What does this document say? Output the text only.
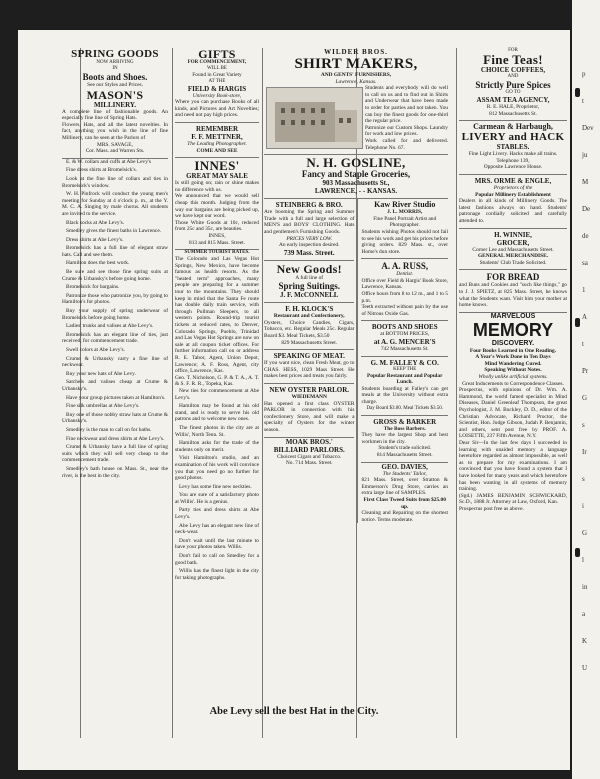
p
t
Dev
ju
M
De
de
sa
1
A
t
Pr
G
s
Ir
s
i
G
l
in
a
K
U
SPRING GOODS
NOW ARRIVING
IN
Boots and Shoes.
See our Styles and Prices.
MASON'S
MILLINERY.

A complete line of fashionable goods. An especially fine line of Spring Hats.

Flowers, Hats, and all the latest novelties. In fact, anything you wish in the line of fine Millinery, can be seen at the Parlors of

MRS. SAVAGE,
Cor. Mass. and Warren Sts.

E. & W. collars and cuffs at Abe Levy's

Fine dress shirts at Bromelsick's.

Look at the fine line of collars and ties in Bromelsick's window.

W. H. Pinfrock will conduct the young men's meeting for Sunday at 4 o'clock p. m., at the Y. M. C. A. Singing by male chorus. All students are invited to the service.

Black socks at Abe Levy's.

Smedley gives the finest baths in Lawrence.

Dress shirts at Abe Levy's.

Bromelsick has a full line of elegant straw hats. Call and see them.

Hamilton does the best work.

Be sure and see those fine spring suits at Crume & Urbansky's before going home.

Bromelsick for bargains.

Patronize those who patronize you, by going to Hamilton's for photos.

Buy your supply of spring underwear of Bromelsick before going home.

Ladies' trunks and valises at Abe Levy's.

Bromelsick has an elegant line of ties, just received, for commencement trade.

Swell colors at Abe Levy's.

Crume & Urbansky carry a fine line of neckwear.

Buy your new hats of Abe Levy.

Satchels and valises cheap at Crume & Urbansky's.

Have your group pictures taken at Hamilton's.

Fine silk umbrellas at Abe Levy's.

Buy one of those nobby straw hats at Crume & Urbansky's.

Smedley is the man to call on for baths.

Fine neckwear and dress shirts at Abe Levy's.

Crume & Urbansky have a full line of spring suits which they will sell very cheap to the commencement trade.

Smedley's bath house on Mass. St., near the river, is the best in the city.

GIFTS
FOR COMMENCEMENT,
WILL BE
Found in Great Variety
AT THE
FIELD & HARGIS
University Book-store,

Where you can purchase Books of all kinds, and Pictures and Art Novelties; and need not pay high prices.

REMEMBER
F. F. METTNER,
The Leading Photographer.
COME AND SEE
INNES'
GREAT MAY SALE

Is still going on; rain or shine makes no difference with us.

We announced that we would sell cheap this month. Judging from the way our bargains are being picked up, we have kept our word.

Those White Goods at 10c, reduced from 25c and 35c, are beauties.

INNES,
813 and 815 Mass. Street.
SUMMER TOURIST RATES.

The Colorado and Las Vegas Hot Springs, New Mexico, have become famous as health resorts. As the "heated term" approaches, many people are preparing for a summer tour to the mountains. They should keep in mind that the Santa Fe route has double daily train service, with through Pullman Sleepers, to all western points. Round-trip tourist tickets at reduced rates, to Denver, Colorado Springs, Pueblo, Trinidad and Las Vegas Hot Springs are now on sale at all coupon ticket offices. For further information call on or address R. E. Tabor, Agent, Union Depot, Lawrence; A. F. Ross, Agent, city office, Lawrence, Kas.

Geo. T. Nicholson, G. P. & T. A., A. T. & S. F. R. R., Topeka, Kas.

New ties for commencement at Abe Levy's.

Hamilton may be found at his old stand, and is ready to serve his old patrons and to welcome new ones.

The finest photos in the city are at Willis', North Tenn. St.

Hamilton asks for the trade of the students only on merit.

Visit Hamilton's studio, and an examination of his work will convince you that you need go no further for good photos.

Levy has some fine new neckties.

You are sure of a satisfactory photo at Willis'. He is a genius.

Party ties and dress shirts at Abe Levy's.

Abe Levy has an elegant new line of neck-wear.

Don't wait until the last minute to have your photos taken. Willis.

Don't fail to call on Smedley for a good bath.

Willis has the finest light in the city for taking photographs.

WILDER BROS.
SHIRT MAKERS,
AND GENTS' FURNISHERS,
Lawrence, Kansas.

Students and everybody will do well to call on us and to find out in Shirts and Underwear that have been made to order for parties and not taken. You can buy the finest goods for one-third the regular price.

Patronize our Custom Shops. Laundry for work and low prices.

Work called for and delivered. Telephone No. 67.

N. H. GOSLINE,
Fancy and Staple Groceries,
903 Massachusetts St.,
LAWRENCE, - - KANSAS.
STEINBERG & BRO.

Are booming the Spring and Summer Trade with a full and large selection of MEN'S and BOYS' CLOTHING. Hats and gentlemen's Furnishing Goods.

PRICES VERY LOW.
An early inspection desired.
739 Mass. Street.
New Goods!
A full line of
Spring Suitings.
J. F. McCONNELL
F. H. KLOCK'S
Restaurant and Confectionery,

Oysters, Choice Candies, Cigars, Tobacco, etc. Regular Meals 25c. Regular Board $3. Meal Tickets, $3.50

829 Massachusetts Street.
SPEAKING OF MEAT.

If you want nice, clean Fresh Meat, go to CHAS. HESS, 1029 Mass Street. He makes best prices and treats you fairly.

NEW OYSTER PARLOR.
WIEDEMANN

Has opened a first class OYSTER PARLOR in connection with his confectionery Store, and will make a specialty of Oysters for the winter season.

MOAK BROS.'
BILLIARD PARLORS.
Choicest Cigars and Tobacco.
No. 714 Mass. Street.
Kaw River Studio
J. L. MORRIS,
Fine Panel Portrait Artist and Photographer.

Students wishing Photos should not fail to see his work and get his prices before giving orders. 829 Mass. st., over Home's dun store.

A. A. RUSS,
Dentist.

Office over Field & Hargis' Book Store, Lawrence, Kansas.

Office hours from 8 to 12 m., and 1 to 5 p.m.

Teeth extracted without pain by the use of Nitrous Oxide Gas.

BOOTS AND SHOES
at BOTTOM PRICES,
at A. G. MENCER'S
742 Massachusetts St.
G. M. FALLEY & CO.
KEEP THE
Popular Restaurant and Popular Lunch.

Students boarding at Falley's can get meals at the University without extra charge.

Day Board $3.00. Meal Tickets $3.50.
GROSS & BARKER
The Boss Barbers.

They have the largest Shop and best workmen in the city.

Student's trade solicited.
814 Massachusetts Street.
GEO. DAVIES,
The Students' Tailor,

821 Mass. Street, over Stratton & Emmerson's Drug Store, carries an extra large line of SAMPLES.

First Class Tweed Suits from $25.00 up.

Cleaning and Repairing on the shortest notice. Terms moderate.

FOR
Fine Teas!
CHOICE COFFEES,
AND
Strictly Pure Spices
GO TO
ASSAM TEA AGENCY,
R. E. HALE, Proprietor,
812 Massachusetts St.
Carmean & Harbaugh,
LIVERY and HACK
STABLES.

Fine Light Livery. Hacks make all trains.

Telephone 139,
Opposite Lawrence House.
MRS. ORME & ENGLE,
Proprietors of the
Popular Millinery Establishment

Dealers in all kinds of Millinery Goods. The latest fashions always on hand. Students' patronage cordially solicited and carefully attended to.

H. WINNIE,
GROCER,
Corner Lee and Massachusetts Street.
GENERAL MERCHANDISE.
Students' Club Trade Solicited.
FOR BREAD

and Buns and Cookies and "such like things," go to J. J. SPIETZ, at 825 Mass. Street, he knows what the Students want. Visit him your mother at home knows.

MARVELOUS
MEMORY
DISCOVERY.
Four Books Learned in One Reading.
A Year's Work Done in Ten Days
Mind Wandering Cured.
Speaking Without Notes.
Wholly unlike artificial systems.
Great Inducements to Correspondence Classes.

Prospectus, with opinions of Dr. Wm. A. Hammond, the world famed specialist in Mind Diseases, Daniel Greenleaf Thompson, the great Psychologist, J. M. Buckley, D. D., editor of the Christian Advocate, Richard Proctor, the Scientist, Hon. Judge Gibson, Judah P. Benjamin, and others, sent post free by PROF. A. LOISETTE, 237 Fifth Avenue, N.Y.

Dear Sir—In the last few days I succeeded in learning with unaided memory a language heretofore regarded as almost impossible, as well as to prepare for my examinations. I am convinced that you have found a system that I have looked for many years and which heretofore has been wanting in all systems of memory training.

(Sgd.) JAMES BENJAMIN SCHWICKARD, Sc.D., 1888 Jr. Attorney at Law, Oxford, Kan.

Prospectus post free as above.

Abe Levy sell the best Hat in the City.
